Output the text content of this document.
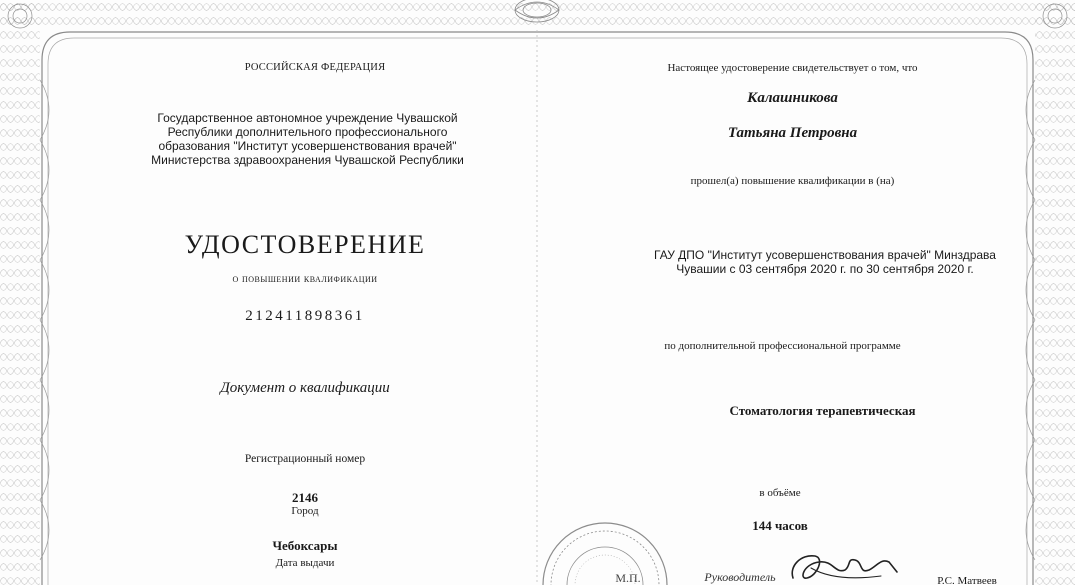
РОССИЙСКАЯ ФЕДЕРАЦИЯ
Государственное автономное учреждение Чувашской
Республики дополнительного профессионального
образования "Институт усовершенствования врачей"
Министерства здравоохранения Чувашской Республики
УДОСТОВЕРЕНИЕ
о повышении квалификации
212411898361
Документ о квалификации
Регистрационный номер
2146
Город
Чебоксары
Дата выдачи
Настоящее удостоверение свидетельствует о том, что
Калашникова
Татьяна Петровна
прошел(а) повышение квалификации в (на)
ГАУ ДПО "Институт усовершенствования врачей" Минздрава
Чувашии с 03 сентября 2020 г. по 30 сентября 2020 г.
по дополнительной профессиональной программе
Стоматология терапевтическая
в объёме
144 часов
М.П.	Руководитель	Р.С. Матвеев
